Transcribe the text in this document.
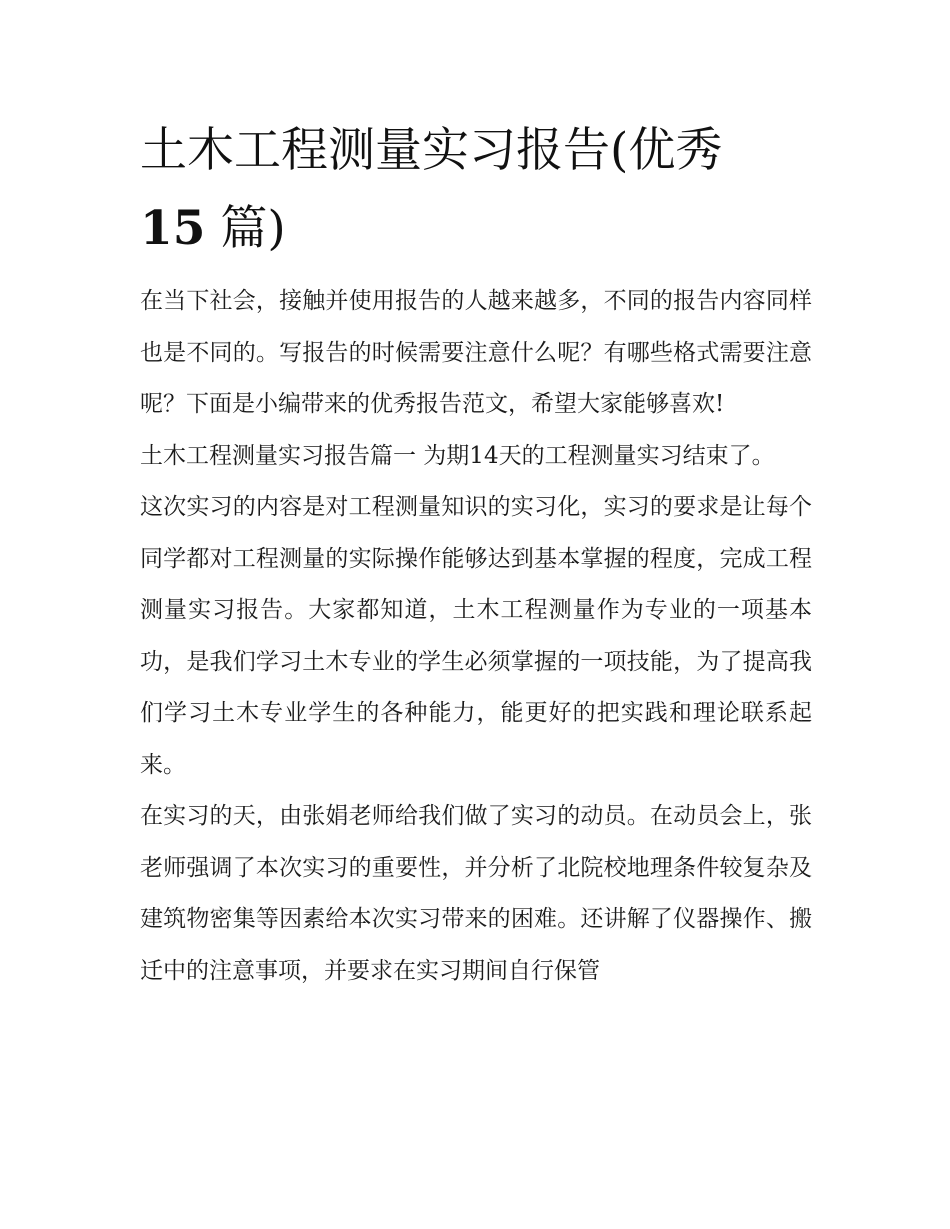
土木工程测量实习报告(优秀
15 篇)

在当下社会，接触并使用报告的人越来越多，不同的报告内容同样也是不同的。写报告的时候需要注意什么呢？有哪些格式需要注意呢？下面是小编带来的优秀报告范文，希望大家能够喜欢!

土木工程测量实习报告篇一 为期14天的工程测量实习结束了。

这次实习的内容是对工程测量知识的实习化，实习的要求是让每个同学都对工程测量的实际操作能够达到基本掌握的程度，完成工程测量实习报告。大家都知道，土木工程测量作为专业的一项基本功，是我们学习土木专业的学生必须掌握的一项技能，为了提高我们学习土木专业学生的各种能力，能更好的把实践和理论联系起来。

在实习的天，由张娟老师给我们做了实习的动员。在动员会上，张老师强调了本次实习的重要性，并分析了北院校地理条件较复杂及建筑物密集等因素给本次实习带来的困难。还讲解了仪器操作、搬迁中的注意事项，并要求在实习期间自行保管
